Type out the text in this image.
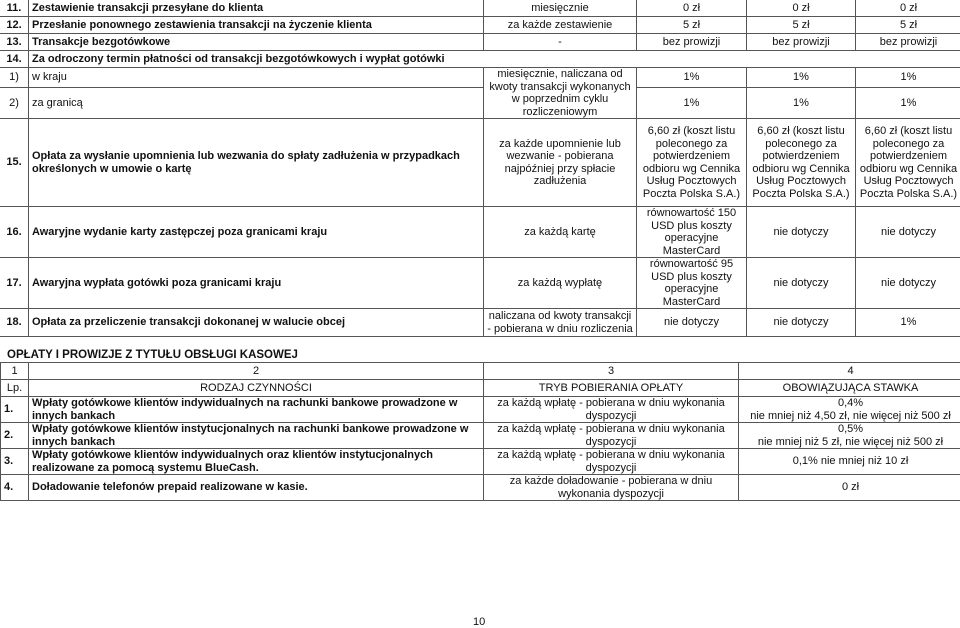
11.	Zestawienie transakcji przesyłane do klienta	miesięcznie	0 zł	0 zł	0 zł
12.	Przesłanie ponownego zestawienia transakcji na życzenie klienta	za każde zestawienie	5 zł	5 zł	5 zł
13.	Transakcje bezgotówkowe	-	bez prowizji	bez prowizji	bez prowizji
14.	Za odroczony termin płatności od transakcji bezgotówkowych i wypłat gotówki				
1)	w kraju	miesięcznie, naliczana od kwoty transakcji wykonanych w poprzednim cyklu rozliczeniowym	1%	1%	1%
2)	za granicą		1%	1%	1%
15.	Opłata za wysłanie upomnienia lub wezwania do spłaty zadłużenia w przypadkach określonych w umowie o kartę	za każde upomnienie lub wezwanie - pobierana najpóźniej przy spłacie zadłużenia	6,60 zł (koszt listu poleconego za potwierdzeniem odbioru wg Cennika Usług Pocztowych Poczta Polska S.A.)	6,60 zł (koszt listu poleconego za potwierdzeniem odbioru wg Cennika Usług Pocztowych Poczta Polska S.A.)	6,60 zł (koszt listu poleconego za potwierdzeniem odbioru wg Cennika Usług Pocztowych Poczta Polska S.A.)
16.	Awaryjne wydanie karty zastępczej poza granicami kraju	za każdą kartę	równowartość 150 USD plus koszty operacyjne MasterCard	nie dotyczy	nie dotyczy
17.	Awaryjna wypłata gotówki poza granicami kraju	za każdą wypłatę	równowartość 95 USD plus koszty operacyjne MasterCard	nie dotyczy	nie dotyczy
18.	Opłata za przeliczenie transakcji dokonanej w walucie obcej	naliczana od kwoty transakcji - pobierana w dniu rozliczenia	nie dotyczy	nie dotyczy	1%
OPŁATY I PROWIZJE Z TYTUŁU OBSŁUGI KASOWEJ
1	2	3	4
Lp.	RODZAJ CZYNNOŚCI	TRYB POBIERANIA OPŁATY	OBOWIĄZUJĄCA STAWKA
1.	Wpłaty gotówkowe klientów indywidualnych na rachunki bankowe prowadzone w innych bankach	za każdą wpłatę - pobierana w dniu wykonania dyspozycji	0,4%
nie mniej niż 4,50 zł, nie więcej niż 500 zł

2.	Wpłaty gotówkowe klientów instytucjonalnych na rachunki bankowe prowadzone w innych bankach	za każdą wpłatę - pobierana w dniu wykonania dyspozycji	0,5%
nie mniej niż 5 zł, nie więcej niż 500 zł

3.	Wpłaty gotówkowe klientów indywidualnych oraz klientów instytucjonalnych realizowane za pomocą systemu BlueCash.	za każdą wpłatę - pobierana w dniu wykonania dyspozycji	0,1% nie mniej niż 10 zł
4.	Doładowanie telefonów prepaid realizowane w kasie.	za każde doładowanie - pobierana w dniu wykonania dyspozycji	0 zł
10
